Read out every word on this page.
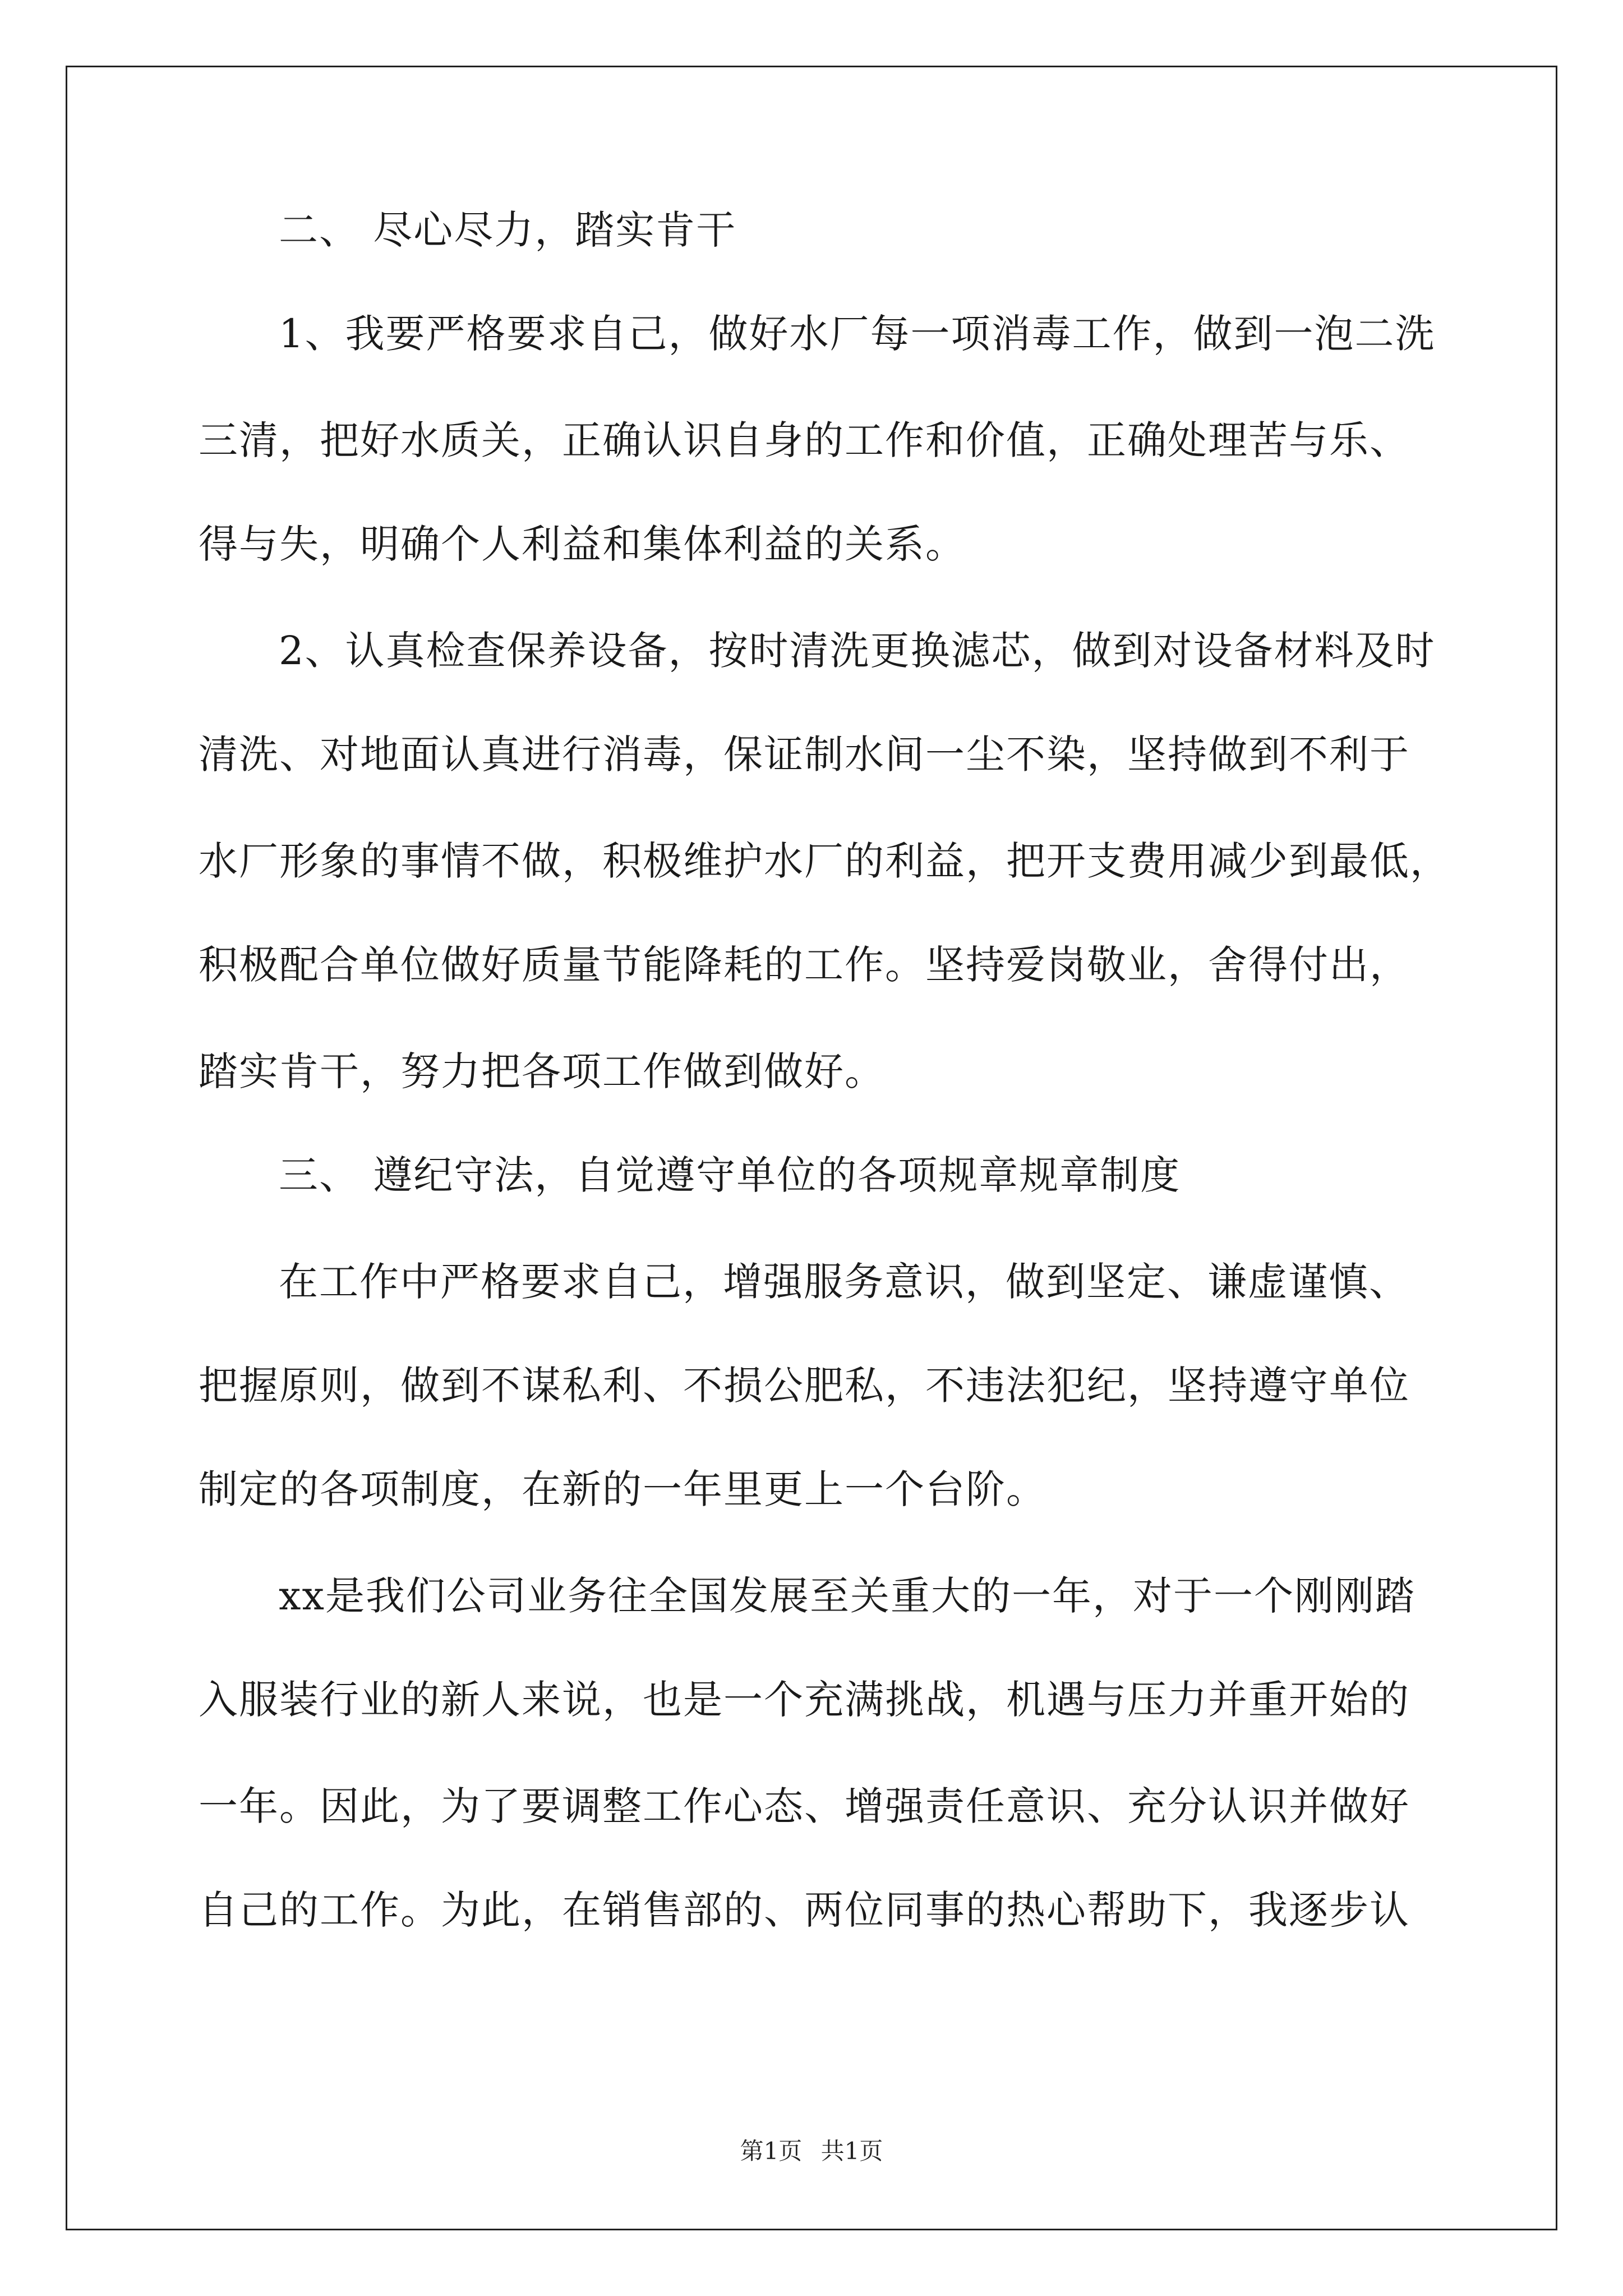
二、 尽心尽力，踏实肯干
1、我要严格要求自己，做好水厂每一项消毒工作，做到一泡二洗
三清，把好水质关，正确认识自身的工作和价值，正确处理苦与乐、
得与失，明确个人利益和集体利益的关系。
2、认真检查保养设备，按时清洗更换滤芯，做到对设备材料及时
清洗、对地面认真进行消毒，保证制水间一尘不染，坚持做到不利于
水厂形象的事情不做，积极维护水厂的利益，把开支费用减少到最低，
积极配合单位做好质量节能降耗的工作。坚持爱岗敬业，舍得付出，
踏实肯干，努力把各项工作做到做好。
三、 遵纪守法，自觉遵守单位的各项规章规章制度
在工作中严格要求自己，增强服务意识，做到坚定、谦虚谨慎、
把握原则，做到不谋私利、不损公肥私，不违法犯纪，坚持遵守单位
制定的各项制度，在新的一年里更上一个台阶。
xx是我们公司业务往全国发展至关重大的一年，对于一个刚刚踏
入服装行业的新人来说，也是一个充满挑战，机遇与压力并重开始的
一年。因此，为了要调整工作心态、增强责任意识、充分认识并做好
自己的工作。为此，在销售部的、两位同事的热心帮助下，我逐步认
第1页 共1页
